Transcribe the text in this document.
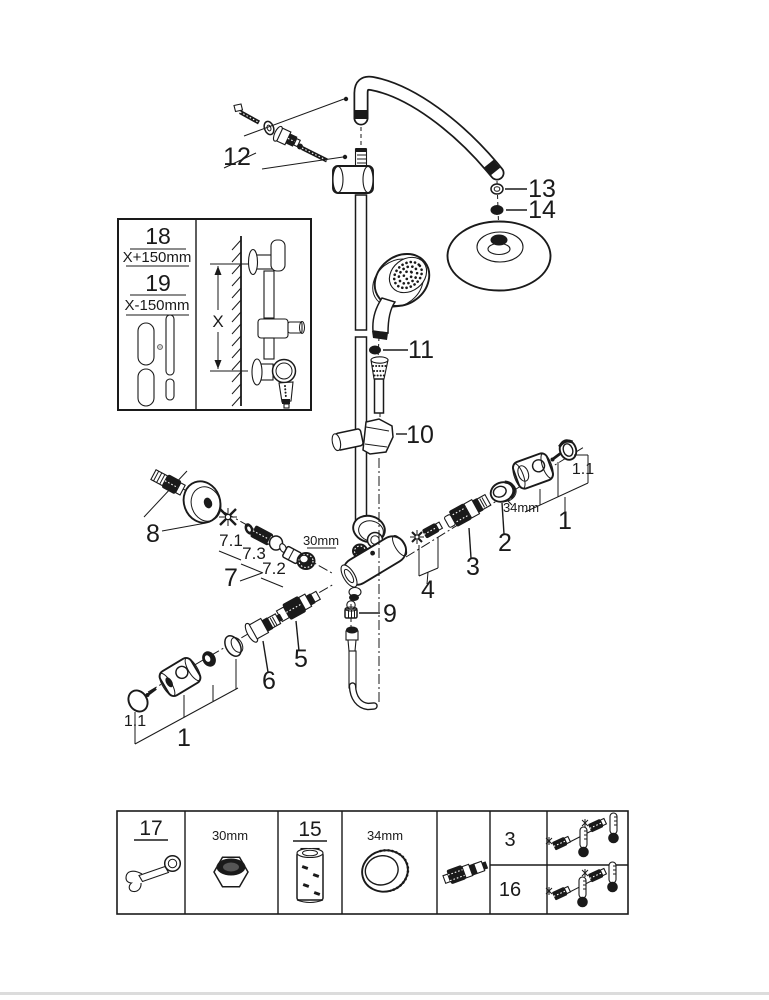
12
13
14
11
10
8	30mm
7.1
7.3
7.2
7	4
3
34mm
2
1.1
1
5
6
1.1
1
9
18
X+150mm
19
X-150mm
X
17	30mm 15	34mm	3
16
